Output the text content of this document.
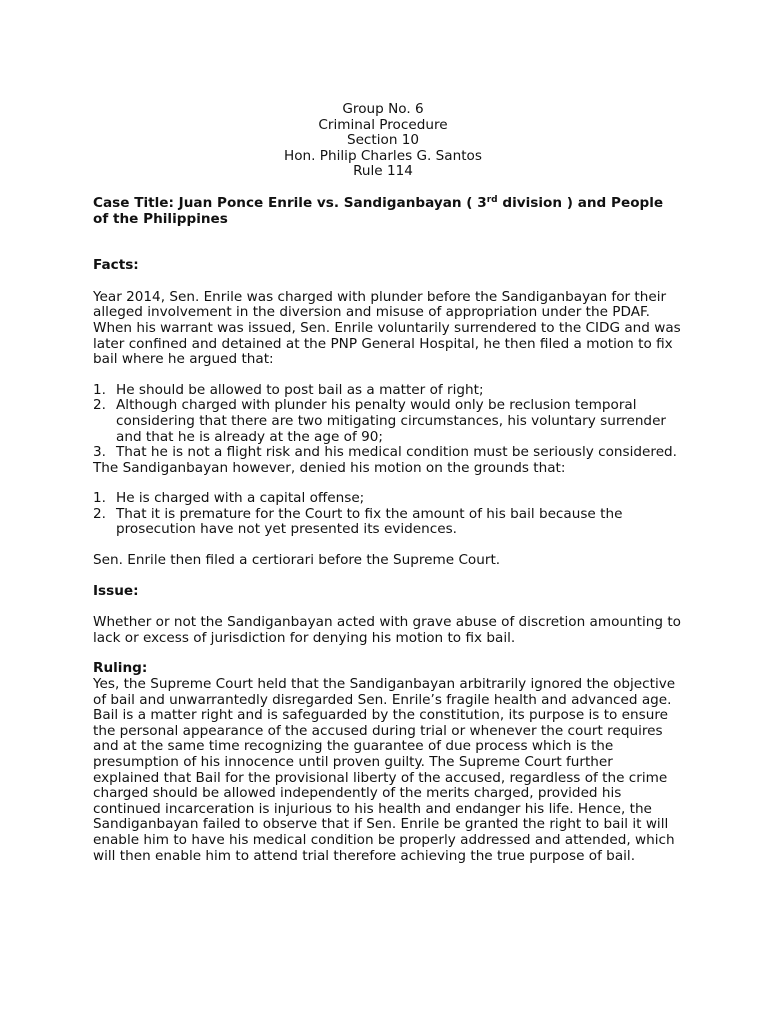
Group No. 6
Criminal Procedure
Section 10
Hon. Philip Charles G. Santos
Rule 114
Case Title: Juan Ponce Enrile vs. Sandiganbayan ( 3rd division ) and People of the Philippines
Facts:

Year 2014, Sen. Enrile was charged with plunder before the Sandiganbayan for their alleged involvement in the diversion and misuse of appropriation under the PDAF. When his warrant was issued, Sen. Enrile voluntarily surrendered to the CIDG and was later confined and detained at the PNP General Hospital, he then filed a motion to fix bail where he argued that:

1. He should be allowed to post bail as a matter of right;
2. Although charged with plunder his penalty would only be reclusion temporal considering that there are two mitigating circumstances, his voluntary surrender and that he is already at the age of 90;
3. That he is not a flight risk and his medical condition must be seriously considered.

The Sandiganbayan however, denied his motion on the grounds that:

1. He is charged with a capital offense;
2. That it is premature for the Court to fix the amount of his bail because the prosecution have not yet presented its evidences.

Sen. Enrile then filed a certiorari before the Supreme Court.

Issue:

Whether or not the Sandiganbayan acted with grave abuse of discretion amounting to lack or excess of jurisdiction for denying his motion to fix bail.

Ruling:

Yes, the Supreme Court held that the Sandiganbayan arbitrarily ignored the objective of bail and unwarrantedly disregarded Sen. Enrile’s fragile health and advanced age. Bail is a matter right and is safeguarded by the constitution, its purpose is to ensure the personal appearance of the accused during trial or whenever the court requires and at the same time recognizing the guarantee of due process which is the presumption of his innocence until proven guilty. The Supreme Court further explained that Bail for the provisional liberty of the accused, regardless of the crime charged should be allowed independently of the merits charged, provided his continued incarceration is injurious to his health and endanger his life. Hence, the Sandiganbayan failed to observe that if Sen. Enrile be granted the right to bail it will enable him to have his medical condition be properly addressed and attended, which will then enable him to attend trial therefore achieving the true purpose of bail.
